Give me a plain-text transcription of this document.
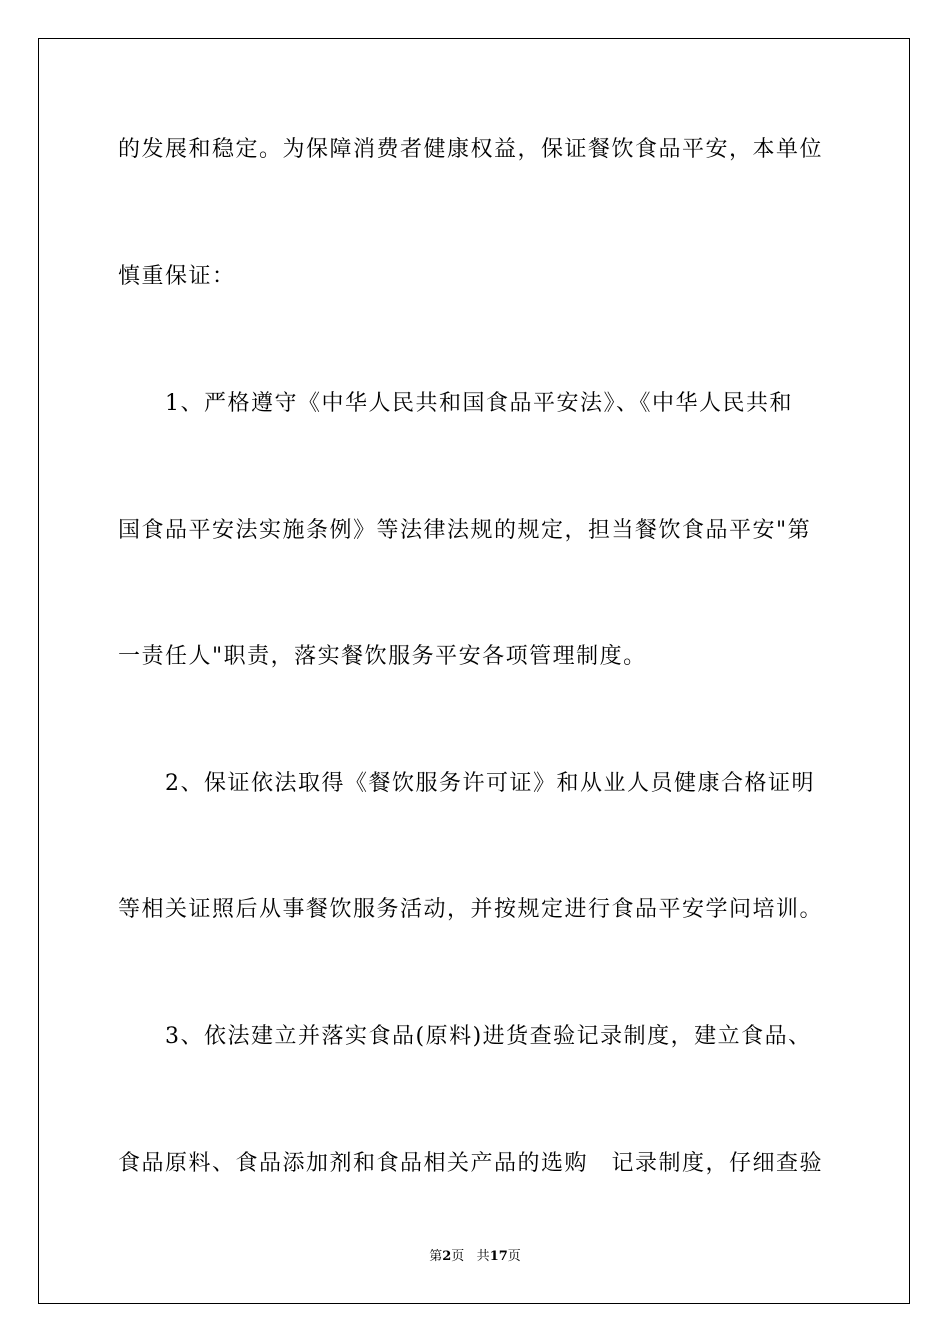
的发展和稳定。为保障消费者健康权益，保证餐饮食品平安，本单位
慎重保证：
　　1、严格遵守《中华人民共和国食品平安法》、《中华人民共和
国食品平安法实施条例》等法律法规的规定，担当餐饮食品平安"第
一责任人"职责，落实餐饮服务平安各项管理制度。
　　2、保证依法取得《餐饮服务许可证》和从业人员健康合格证明
等相关证照后从事餐饮服务活动，并按规定进行食品平安学问培训。
　　3、依法建立并落实食品(原料)进货查验记录制度，建立食品、
食品原料、食品添加剂和食品相关产品的选购　记录制度，仔细查验
第2页 共17页
